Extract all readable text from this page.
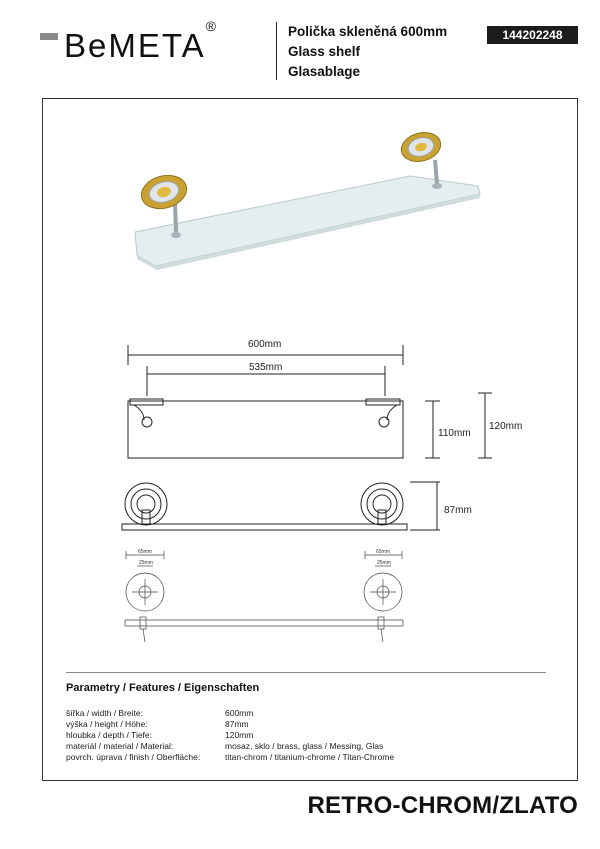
BeMETA®	Polička skleněná 600mm
Glass shelf
Glasablage
144202248
600mm
535mm
110mm
120mm
87mm
65mm
25mm
65mm
25mm
Parametry / Features / Eigenschaften
šířka / width / Breite:	600mm
výška / height / Höhe:	87mm
hloubka / depth / Tiefe:	120mm
materiál / material / Material:	mosaz, sklo / brass, glass / Messing, Glas
povrch. úprava / finish / Oberfläche:	titan-chrom / titanium-chrome / Titan-Chrome
RETRO-CHROM/ZLATO
